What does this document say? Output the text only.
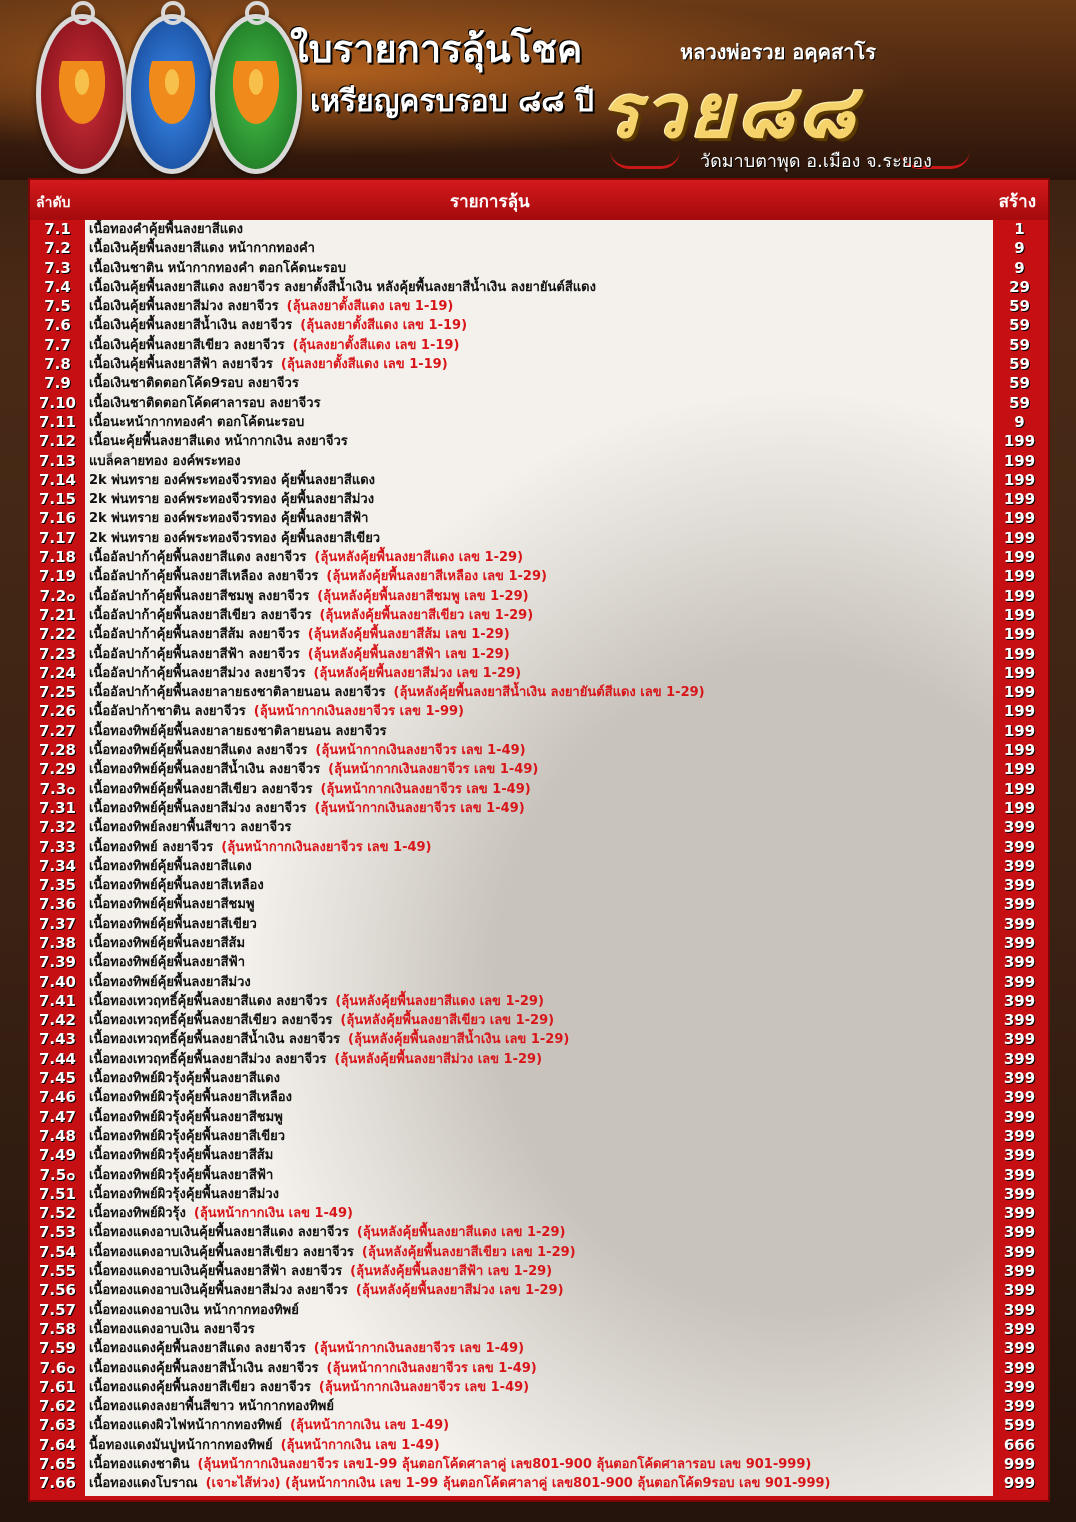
ใบรายการลุ้นโชค
เหรียญครบรอบ ๘๘ ปี
หลวงพ่อรวย อคฺคสาโร
รวย๘๘
วัดมาบตาพุด อ.เมือง จ.ระยอง
ลำดับ	รายการลุ้น	สร้าง
7.1
7.2
7.3
7.4
7.5
7.6
7.7
7.8
7.9
7.10
7.11
7.12
7.13
7.14
7.15
7.16
7.17
7.18
7.19
7.2๐
7.21
7.22
7.23
7.24
7.25
7.26
7.27
7.28
7.29
7.3๐
7.31
7.32
7.33
7.34
7.35
7.36
7.37
7.38
7.39
7.40
7.41
7.42
7.43
7.44
7.45
7.46
7.47
7.48
7.49
7.5๐
7.51
7.52
7.53
7.54
7.55
7.56
7.57
7.58
7.59
7.6๐
7.61
7.62
7.63
7.64
7.65
7.66
เนื้อทองคำคุ้ยพื้นลงยาสีแดง
เนื้อเงินคุ้ยพื้นลงยาสีแดง หน้ากากทองคำ
เนื้อเงินชาติน หน้ากากทองคำ ตอกโค้ดนะรอบ
เนื้อเงินคุ้ยพื้นลงยาสีแดง ลงยาจีวร ลงยาตั้งสีน้ำเงิน หลังคุ้ยพื้นลงยาสีน้ำเงิน ลงยายันต์สีแดง
เนื้อเงินคุ้ยพื้นลงยาสีม่วง ลงยาจีวร (ลุ้นลงยาตั้งสีแดง เลข 1-19)
เนื้อเงินคุ้ยพื้นลงยาสีน้ำเงิน ลงยาจีวร (ลุ้นลงยาตั้งสีแดง เลข 1-19)
เนื้อเงินคุ้ยพื้นลงยาสีเขียว ลงยาจีวร (ลุ้นลงยาตั้งสีแดง เลข 1-19)
เนื้อเงินคุ้ยพื้นลงยาสีฟ้า ลงยาจีวร (ลุ้นลงยาตั้งสีแดง เลข 1-19)
เนื้อเงินชาติดตอกโค้ด9รอบ ลงยาจีวร
เนื้อเงินชาติดตอกโค้ดศาลารอบ ลงยาจีวร
เนื้อนะหน้ากากทองคำ ตอกโค้ดนะรอบ
เนื้อนะคุ้ยพื้นลงยาสีแดง หน้ากากเงิน ลงยาจีวร
แบล็คลายทอง องค์พระทอง
2k พ่นทราย องค์พระทองจีวรทอง คุ้ยพื้นลงยาสีแดง
2k พ่นทราย องค์พระทองจีวรทอง คุ้ยพื้นลงยาสีม่วง
2k พ่นทราย องค์พระทองจีวรทอง คุ้ยพื้นลงยาสีฟ้า
2k พ่นทราย องค์พระทองจีวรทอง คุ้ยพื้นลงยาสีเขียว
เนื้ออัลปาก้าคุ้ยพื้นลงยาสีแดง ลงยาจีวร (ลุ้นหลังคุ้ยพื้นลงยาสีแดง เลข 1-29)
เนื้ออัลปาก้าคุ้ยพื้นลงยาสีเหลือง ลงยาจีวร (ลุ้นหลังคุ้ยพื้นลงยาสีเหลือง เลข 1-29)
เนื้ออัลปาก้าคุ้ยพื้นลงยาสีชมพู ลงยาจีวร (ลุ้นหลังคุ้ยพื้นลงยาสีชมพู เลข 1-29)
เนื้ออัลปาก้าคุ้ยพื้นลงยาสีเขียว ลงยาจีวร (ลุ้นหลังคุ้ยพื้นลงยาสีเขียว เลข 1-29)
เนื้ออัลปาก้าคุ้ยพื้นลงยาสีส้ม ลงยาจีวร (ลุ้นหลังคุ้ยพื้นลงยาสีส้ม เลข 1-29)
เนื้ออัลปาก้าคุ้ยพื้นลงยาสีฟ้า ลงยาจีวร (ลุ้นหลังคุ้ยพื้นลงยาสีฟ้า เลข 1-29)
เนื้ออัลปาก้าคุ้ยพื้นลงยาสีม่วง ลงยาจีวร (ลุ้นหลังคุ้ยพื้นลงยาสีม่วง เลข 1-29)
เนื้ออัลปาก้าคุ้ยพื้นลงยาลายธงชาติลายนอน ลงยาจีวร (ลุ้นหลังคุ้ยพื้นลงยาสีน้ำเงิน ลงยายันต์สีแดง เลข 1-29)
เนื้ออัลปาก้าชาติน ลงยาจีวร (ลุ้นหน้ากากเงินลงยาจีวร เลข 1-99)
เนื้อทองทิพย์คุ้ยพื้นลงยาลายธงชาติลายนอน ลงยาจีวร
เนื้อทองทิพย์คุ้ยพื้นลงยาสีแดง ลงยาจีวร (ลุ้นหน้ากากเงินลงยาจีวร เลข 1-49)
เนื้อทองทิพย์คุ้ยพื้นลงยาสีน้ำเงิน ลงยาจีวร (ลุ้นหน้ากากเงินลงยาจีวร เลข 1-49)
เนื้อทองทิพย์คุ้ยพื้นลงยาสีเขียว ลงยาจีวร (ลุ้นหน้ากากเงินลงยาจีวร เลข 1-49)
เนื้อทองทิพย์คุ้ยพื้นลงยาสีม่วง ลงยาจีวร (ลุ้นหน้ากากเงินลงยาจีวร เลข 1-49)
เนื้อทองทิพย์ลงยาพื้นสีขาว ลงยาจีวร
เนื้อทองทิพย์ ลงยาจีวร (ลุ้นหน้ากากเงินลงยาจีวร เลข 1-49)
เนื้อทองทิพย์คุ้ยพื้นลงยาสีแดง
เนื้อทองทิพย์คุ้ยพื้นลงยาสีเหลือง
เนื้อทองทิพย์คุ้ยพื้นลงยาสีชมพู
เนื้อทองทิพย์คุ้ยพื้นลงยาสีเขียว
เนื้อทองทิพย์คุ้ยพื้นลงยาสีส้ม
เนื้อทองทิพย์คุ้ยพื้นลงยาสีฟ้า
เนื้อทองทิพย์คุ้ยพื้นลงยาสีม่วง
เนื้อทองเทวฤทธิ์คุ้ยพื้นลงยาสีแดง ลงยาจีวร (ลุ้นหลังคุ้ยพื้นลงยาสีแดง เลข 1-29)
เนื้อทองเทวฤทธิ์คุ้ยพื้นลงยาสีเขียว ลงยาจีวร (ลุ้นหลังคุ้ยพื้นลงยาสีเขียว เลข 1-29)
เนื้อทองเทวฤทธิ์คุ้ยพื้นลงยาสีน้ำเงิน ลงยาจีวร (ลุ้นหลังคุ้ยพื้นลงยาสีน้ำเงิน เลข 1-29)
เนื้อทองเทวฤทธิ์คุ้ยพื้นลงยาสีม่วง ลงยาจีวร (ลุ้นหลังคุ้ยพื้นลงยาสีม่วง เลข 1-29)
เนื้อทองทิพย์ผิวรุ้งคุ้ยพื้นลงยาสีแดง
เนื้อทองทิพย์ผิวรุ้งคุ้ยพื้นลงยาสีเหลือง
เนื้อทองทิพย์ผิวรุ้งคุ้ยพื้นลงยาสีชมพู
เนื้อทองทิพย์ผิวรุ้งคุ้ยพื้นลงยาสีเขียว
เนื้อทองทิพย์ผิวรุ้งคุ้ยพื้นลงยาสีส้ม
เนื้อทองทิพย์ผิวรุ้งคุ้ยพื้นลงยาสีฟ้า
เนื้อทองทิพย์ผิวรุ้งคุ้ยพื้นลงยาสีม่วง
เนื้อทองทิพย์ผิวรุ้ง (ลุ้นหน้ากากเงิน เลข 1-49)
เนื้อทองแดงอาบเงินคุ้ยพื้นลงยาสีแดง ลงยาจีวร (ลุ้นหลังคุ้ยพื้นลงยาสีแดง เลข 1-29)
เนื้อทองแดงอาบเงินคุ้ยพื้นลงยาสีเขียว ลงยาจีวร (ลุ้นหลังคุ้ยพื้นลงยาสีเขียว เลข 1-29)
เนื้อทองแดงอาบเงินคุ้ยพื้นลงยาสีฟ้า ลงยาจีวร (ลุ้นหลังคุ้ยพื้นลงยาสีฟ้า เลข 1-29)
เนื้อทองแดงอาบเงินคุ้ยพื้นลงยาสีม่วง ลงยาจีวร (ลุ้นหลังคุ้ยพื้นลงยาสีม่วง เลข 1-29)
เนื้อทองแดงอาบเงิน หน้ากากทองทิพย์
เนื้อทองแดงอาบเงิน ลงยาจีวร
เนื้อทองแดงคุ้ยพื้นลงยาสีแดง ลงยาจีวร (ลุ้นหน้ากากเงินลงยาจีวร เลข 1-49)
เนื้อทองแดงคุ้ยพื้นลงยาสีน้ำเงิน ลงยาจีวร (ลุ้นหน้ากากเงินลงยาจีวร เลข 1-49)
เนื้อทองแดงคุ้ยพื้นลงยาสีเขียว ลงยาจีวร (ลุ้นหน้ากากเงินลงยาจีวร เลข 1-49)
เนื้อทองแดงลงยาพื้นสีขาว หน้ากากทองทิพย์
เนื้อทองแดงผิวไฟหน้ากากทองทิพย์ (ลุ้นหน้ากากเงิน เลข 1-49)
นื้อทองแดงมันปูหน้ากากทองทิพย์ (ลุ้นหน้ากากเงิน เลข 1-49)
เนื้อทองแดงชาติน (ลุ้นหน้ากากเงินลงยาจีวร เลข1-99 ลุ้นตอกโค้ดศาลาคู่ เลข801-900 ลุ้นตอกโค้ดศาลารอบ เลข 901-999)
เนื้อทองแดงโบราณ (เจาะไส้ห่วง) (ลุ้นหน้ากากเงิน เลข 1-99 ลุ้นตอกโค้ดศาลาคู่ เลข801-900 ลุ้นตอกโค้ด9รอบ เลข 901-999)
1
9
9
29
59
59
59
59
59
59
9
199
199
199
199
199
199
199
199
199
199
199
199
199
199
199
199
199
199
199
199
399
399
399
399
399
399
399
399
399
399
399
399
399
399
399
399
399
399
399
399
399
399
399
399
399
399
399
399
399
399
399
599
666
999
999
